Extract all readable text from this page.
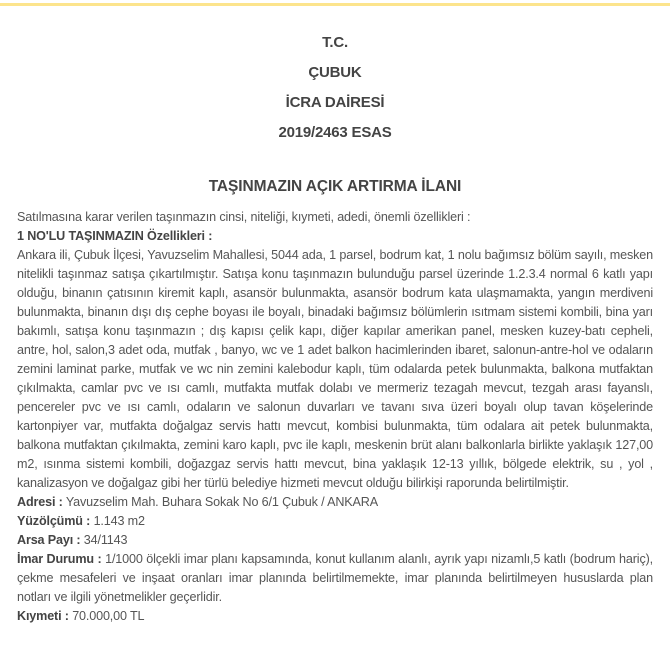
T.C.
ÇUBUK
İCRA DAİRESİ
2019/2463 ESAS
TAŞINMAZIN AÇIK ARTIRMA İLANI

Satılmasına karar verilen taşınmazın cinsi, niteliği, kıymeti, adedi, önemli özellikleri :

1 NO'LU TAŞINMAZIN Özellikleri :

Ankara ili, Çubuk İlçesi, Yavuzselim Mahallesi, 5044 ada, 1 parsel, bodrum kat, 1 nolu bağımsız bölüm sayılı, mesken nitelikli taşınmaz satışa çıkartılmıştır. Satışa konu taşınmazın bulunduğu parsel üzerinde 1.2.3.4 normal 6 katlı yapı olduğu, binanın çatısının kiremit kaplı, asansör bulunmakta, asansör bodrum kata ulaşmamakta, yangın merdiveni bulunmakta, binanın dışı dış cephe boyası ile boyalı, binadaki bağımsız bölümlerin ısıtmam sistemi kombili, bina yarı bakımlı, satışa konu taşınmazın ; dış kapısı çelik kapı, diğer kapılar amerikan panel, mesken kuzey-batı cepheli, antre, hol, salon,3 adet oda, mutfak , banyo, wc ve 1 adet balkon hacimlerinden ibaret, salonun-antre-hol ve odaların zemini laminat parke, mutfak ve wc nin zemini kalebodur kaplı, tüm odalarda petek bulunmakta, balkona mutfaktan çıkılmakta, camlar pvc ve ısı camlı, mutfakta mutfak dolabı ve mermeriz tezagah mevcut, tezgah arası fayanslı, pencereler pvc ve ısı camlı, odaların ve salonun duvarları ve tavanı sıva üzeri boyalı olup tavan köşelerinde kartonpiyer var, mutfakta doğalgaz servis hattı mevcut, kombisi bulunmakta, tüm odalara ait petek bulunmakta, balkona mutfaktan çıkılmakta, zemini karo kaplı, pvc ile kaplı, meskenin brüt alanı balkonlarla birlikte yaklaşık 127,00 m2, ısınma sistemi kombili, doğazgaz servis hattı mevcut, bina yaklaşık 12-13 yıllık, bölgede elektrik, su , yol , kanalizasyon ve doğalgaz gibi her türlü belediye hizmeti mevcut olduğu bilirkişi raporunda belirtilmiştir.

Adresi : Yavuzselim Mah. Buhara Sokak No 6/1 Çubuk / ANKARA

Yüzölçümü : 1.143 m2

Arsa Payı : 34/1143

İmar Durumu : 1/1000 ölçekli imar planı kapsamında, konut kullanım alanlı, ayrık yapı nizamlı,5 katlı (bodrum hariç), çekme mesafeleri ve inşaat oranları imar planında belirtilmemekte, imar planında belirtilmeyen hususlarda plan notları ve ilgili yönetmelikler geçerlidir.

Kıymeti : 70.000,00 TL
